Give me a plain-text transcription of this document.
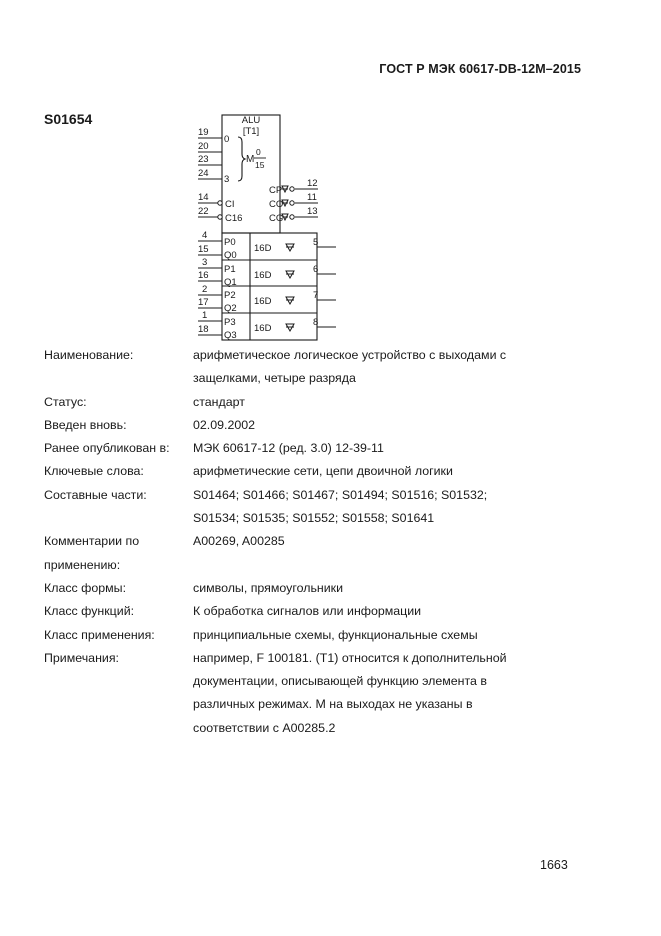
ГОСТ Р МЭК 60617-DB-12M–2015
S01654	ALU
[T1]
M
0
15
19
0
20
23
24
3
CP
12
CO
11
CG
13
14
CI
22
C16
4
15
P0
Q0
16D
5
3
16
P1
Q1
16D
6
2
17
P2
Q2
16D
7
1
18
P3
Q3
16D
8
Наименование:	арифметическое логическое устройство с выходами с
защелками, четыре разряда
Статус:	стандарт
Введен вновь:	02.09.2002
Ранее опубликован в:	МЭК 60617-12 (ред. 3.0) 12-39-11
Ключевые слова:	арифметические сети, цепи двоичной логики
Составные части:	S01464; S01466; S01467; S01494; S01516; S01532;
S01534; S01535; S01552; S01558; S01641
Комментарии по
применению:
A00269, A00285
Класс формы:	символы, прямоугольники
Класс функций:	К обработка сигналов или информации
Класс применения:	принципиальные схемы, функциональные схемы
Примечания:	например, F 100181. (T1) относится к дополнительной
документации, описывающей функцию элемента в
различных режимах. М на выходах не указаны в
соответствии с A00285.2
1663
